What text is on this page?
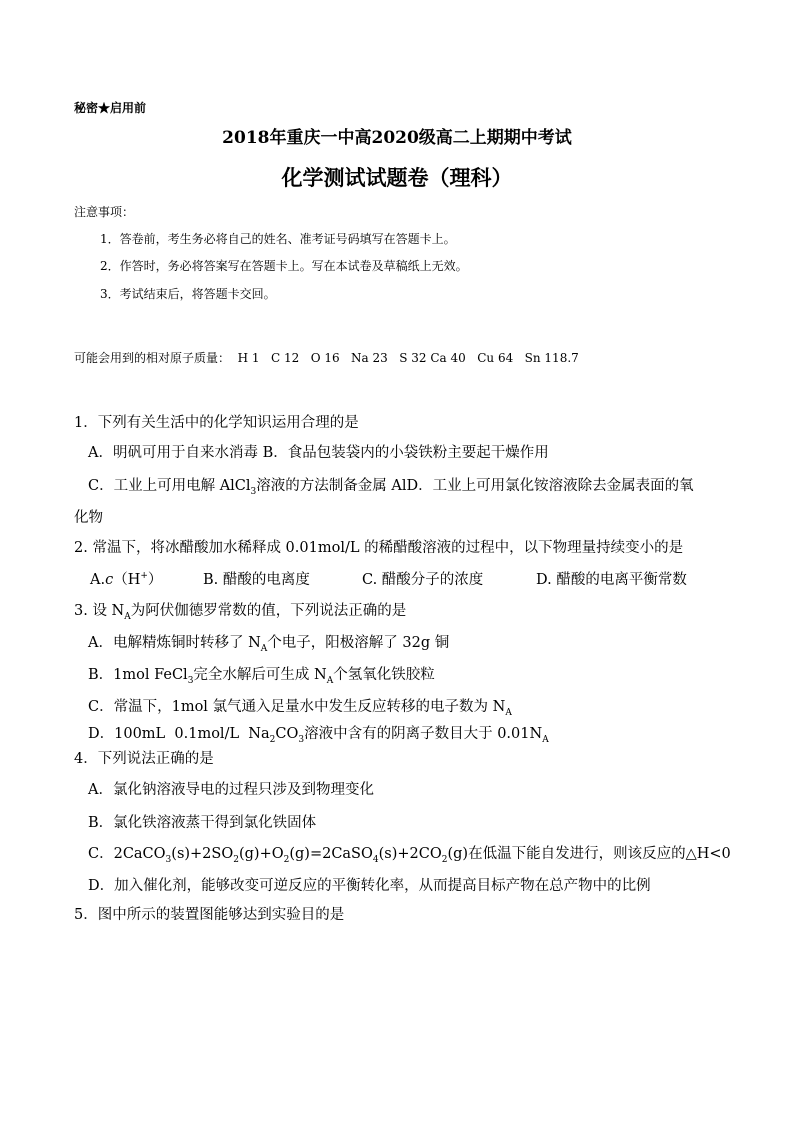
秘密★启用前
2018年重庆一中高2020级高二上期期中考试
化学测试试题卷（理科）
注意事项：
1．答卷前，考生务必将自己的姓名、准考证号码填写在答题卡上。
2．作答时，务必将答案写在答题卡上。写在本试卷及草稿纸上无效。
3．考试结束后，将答题卡交回。
可能会用到的相对原子质量：  H 1   C 12   O 16   Na 23   S 32 Ca 40   Cu 64   Sn 118.7
1．下列有关生活中的化学知识运用合理的是
A．明矾可用于自来水消毒 B．食品包装袋内的小袋铁粉主要起干燥作用
C．工业上可用电解 AlCl$_3$溶液的方法制备金属 AlD．工业上可用氯化铵溶液除去金属表面的氧
化物
2. 常温下，将冰醋酸加水稀释成 0.01mol/L 的稀醋酸溶液的过程中，以下物理量持续变小的是
A.c（H+）	B. 醋酸的电离度	C. 醋酸分子的浓度	D. 醋酸的电离平衡常数
3. 设 $N_A$为阿伏伽德罗常数的值，下列说法正确的是
A．电解精炼铜时转移了 $N_A$个电子，阳极溶解了 32g 铜
B．1mol FeCl$_3$完全水解后可生成 $N_A$个氢氧化铁胶粒
C．常温下，1mol 氯气通入足量水中发生反应转移的电子数为 $N_A$
D．100mL  0.1mol/L  $Na_2CO_3$溶液中含有的阴离子数目大于 $0.01N_A$
4．下列说法正确的是
A．氯化钠溶液导电的过程只涉及到物理变化
B．氯化铁溶液蒸干得到氯化铁固体
C．$2CaCO_3(s)+2SO_2(g)+O_2(g)=2CaSO_4(s)+2CO_2(g)$在低温下能自发进行，则该反应的△H<0
D．加入催化剂，能够改变可逆反应的平衡转化率，从而提高目标产物在总产物中的比例
5．图中所示的装置图能够达到实验目的是
